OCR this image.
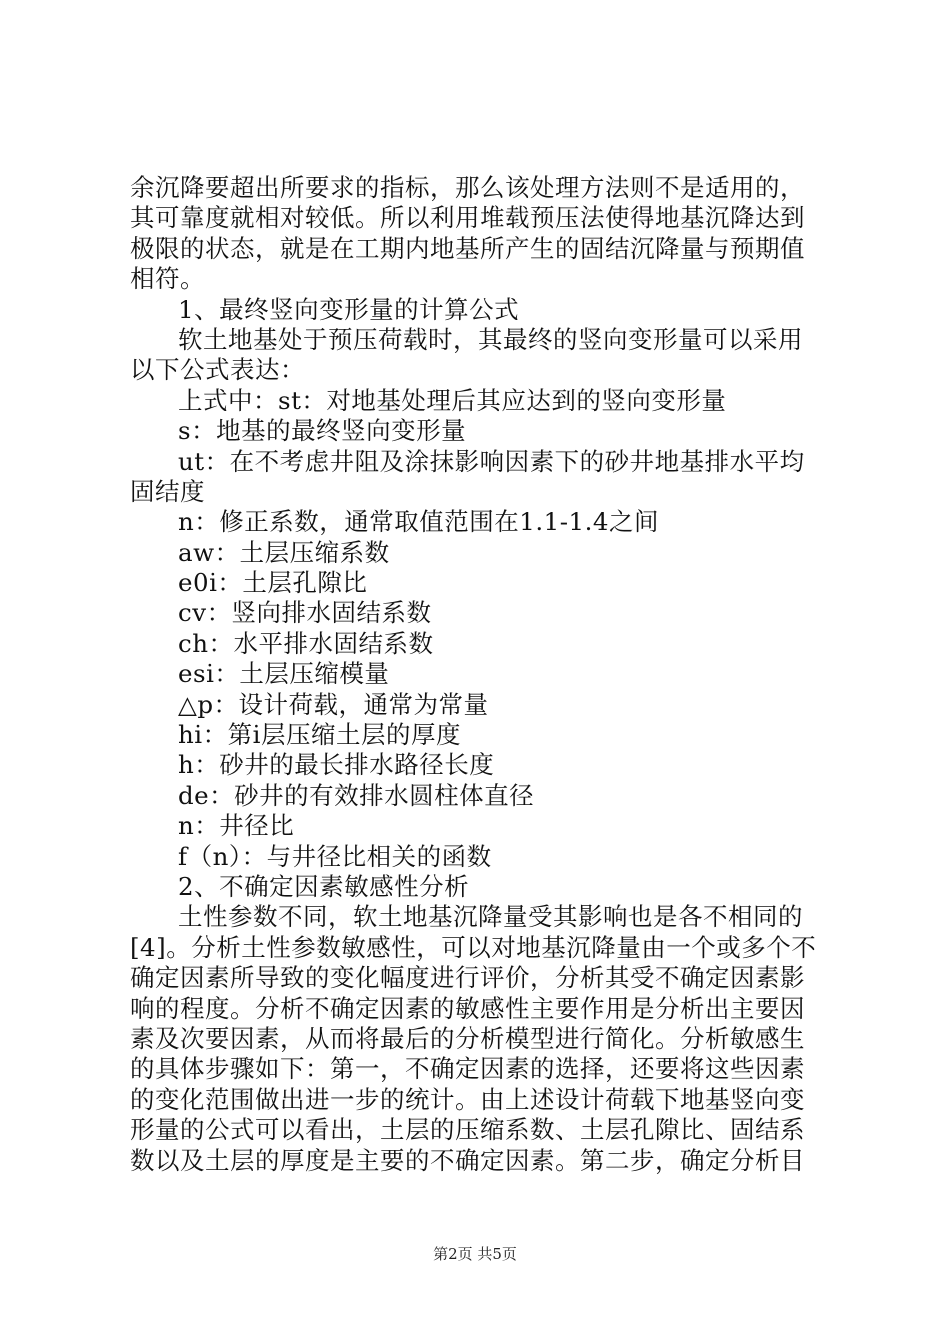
余沉降要超出所要求的指标，那么该处理方法则不是适用的，
其可靠度就相对较低。所以利用堆载预压法使得地基沉降达到
极限的状态，就是在工期内地基所产生的固结沉降量与预期值
相符。
1、最终竖向变形量的计算公式
软土地基处于预压荷载时，其最终的竖向变形量可以采用
以下公式表达：
上式中：st：对地基处理后其应达到的竖向变形量
s：地基的最终竖向变形量
ut：在不考虑井阻及涂抹影响因素下的砂井地基排水平均
固结度
n：修正系数，通常取值范围在1.1-1.4之间
aw：土层压缩系数
e0i：土层孔隙比
cv：竖向排水固结系数
ch：水平排水固结系数
esi：土层压缩模量
△p：设计荷载，通常为常量
hi：第i层压缩土层的厚度
h：砂井的最长排水路径长度
de：砂井的有效排水圆柱体直径
n：井径比
f（n）：与井径比相关的函数
2、不确定因素敏感性分析
土性参数不同，软土地基沉降量受其影响也是各不相同的
[4]。分析土性参数敏感性，可以对地基沉降量由一个或多个不
确定因素所导致的变化幅度进行评价，分析其受不确定因素影
响的程度。分析不确定因素的敏感性主要作用是分析出主要因
素及次要因素，从而将最后的分析模型进行简化。分析敏感生
的具体步骤如下：第一，不确定因素的选择，还要将这些因素
的变化范围做出进一步的统计。由上述设计荷载下地基竖向变
形量的公式可以看出，土层的压缩系数、土层孔隙比、固结系
数以及土层的厚度是主要的不确定因素。第二步，确定分析目
第2页 共5页
